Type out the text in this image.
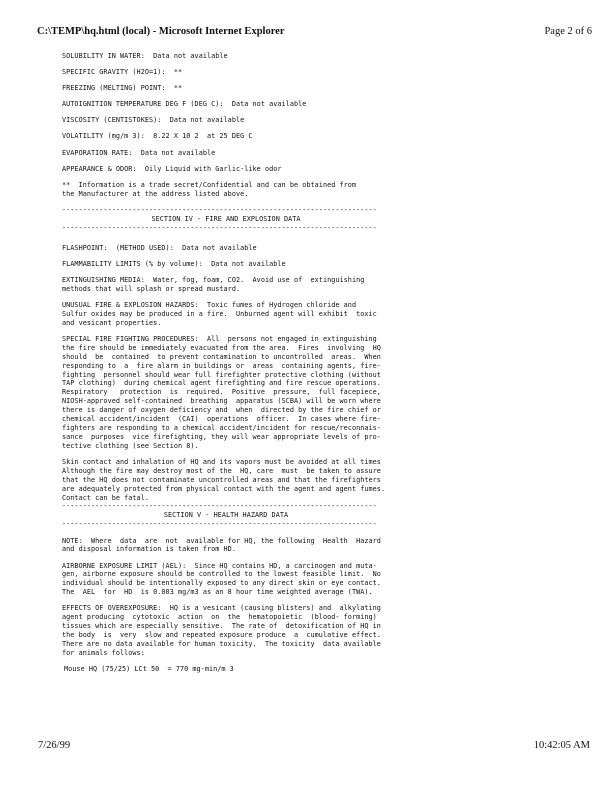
C:\TEMP\hq.html (local) - Microsoft Internet Explorer	Page 2 of 6
SOLUBILITY IN WATER:  Data not available
SPECIFIC GRAVITY (H2O=1):  **
FREEZING (MELTING) POINT:  **
AUTOIGNITION TEMPERATURE DEG F (DEG C):  Data not available
VISCOSITY (CENTISTOKES):  Data not available
VOLATILITY (mg/m 3):  8.22 X 10 2  at 25 DEG C
EVAPORATION RATE:  Data not available
APPEARANCE & ODOR:  Oily Liquid with Garlic-like odor
**  Information is a trade secret/Confidential and can be obtained from
the Manufacturer at the address listed above.
----------------------------------------------------------------------------
SECTION IV - FIRE AND EXPLOSION DATA
----------------------------------------------------------------------------
FLASHPOINT:  (METHOD USED):  Data not available
FLAMMABILITY LIMITS (% by volume):  Data not available
EXTINGUISHING MEDIA:  Water, fog, foam, CO2.  Avoid use of  extinguishing
methods that will splash or spread mustard.
UNUSUAL FIRE & EXPLOSION HAZARDS:  Toxic fumes of Hydrogen chloride and
Sulfur oxides may be produced in a fire.  Unburned agent will exhibit  toxic
and vesicant properties.
SPECIAL FIRE FIGHTING PROCEDURES:  All  persons not engaged in extinguishing
the fire should be immediately evacuated from the area.  Fires  involving  HQ
should  be  contained  to prevent contamination to uncontrolled  areas.  When
responding to  a  fire alarm in buildings or  areas  containing agents, fire-
fighting  personnel should wear full firefighter protective clothing (without
TAP clothing)  during chemical agent firefighting and fire rescue operations.
Respiratory   protection  is  required.  Positive  pressure,  full facepiece,
NIOSH-approved self-contained  breathing  apparatus (SCBA) will be worn where
there is danger of oxygen deficiency and  when  directed by the fire chief or
chemical accident/incident  (CAI)  operations  officer.  In cases where fire-
fighters are responding to a chemical accident/incident for rescue/reconnais-
sance  purposes  vice firefighting, they will wear appropriate levels of pro-
tective clothing (see Section 8).
Skin contact and inhalation of HQ and its vapors must be avoided at all times
Although the fire may destroy most of the  HQ, care  must  be taken to assure
that the HQ does not contaminate uncontrolled areas and that the firefighters
are adequately protected from physical contact with the agent and agent fumes.
Contact can be fatal.
----------------------------------------------------------------------------
SECTION V - HEALTH HAZARD DATA
----------------------------------------------------------------------------
NOTE:  Where  data  are  not  available for HQ, the following  Health  Hazard
and disposal information is taken from HD.
AIRBORNE EXPOSURE LIMIT (AEL):  Since HQ contains HD, a carcinogen and muta-
gen, airborne exposure should be controlled to the lowest feasible limit.  No
individual should be intentionally exposed to any direct skin or eye contact.
The  AEL  for  HD  is 0.003 mg/m3 as an 8 hour time weighted average (TWA).
EFFECTS OF OVEREXPOSURE:  HQ is a vesicant (causing blisters) and  alkylating
agent producing  cytotoxic  action  on  the  hematopoietic  (blood- forming)
tissues which are especially sensitive.  The rate of  detoxification of HQ in
the body  is  very  slow and repeated exposure produce  a  cumulative effect.
There are no data available for human toxicity.  The toxicity  data available
for animals follows:
Mouse HQ (75/25) LCt 50  = 770 mg-min/m 3
7/26/99	10:42:05 AM
